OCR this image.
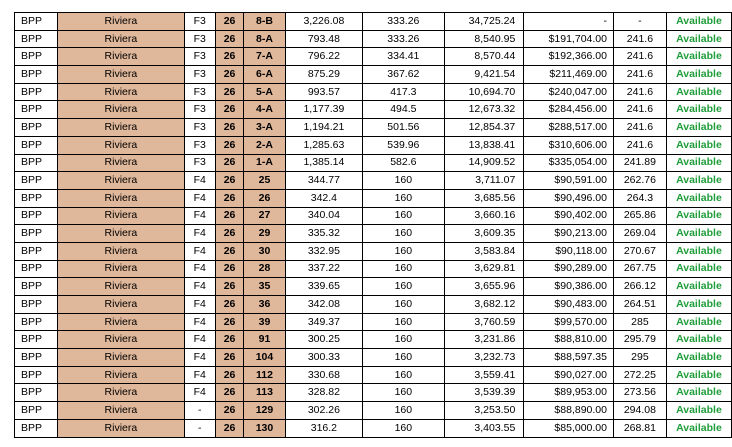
BPP	Riviera	F3	26	8-B	3,226.08	333.26	34,725.24	-	-	Available
BPP	Riviera	F3	26	8-A	793.48	333.26	8,540.95	$191,704.00	241.6	Available
BPP	Riviera	F3	26	7-A	796.22	334.41	8,570.44	$192,366.00	241.6	Available
BPP	Riviera	F3	26	6-A	875.29	367.62	9,421.54	$211,469.00	241.6	Available
BPP	Riviera	F3	26	5-A	993.57	417.3	10,694.70	$240,047.00	241.6	Available
BPP	Riviera	F3	26	4-A	1,177.39	494.5	12,673.32	$284,456.00	241.6	Available
BPP	Riviera	F3	26	3-A	1,194.21	501.56	12,854.37	$288,517.00	241.6	Available
BPP	Riviera	F3	26	2-A	1,285.63	539.96	13,838.41	$310,606.00	241.6	Available
BPP	Riviera	F3	26	1-A	1,385.14	582.6	14,909.52	$335,054.00	241.89	Available
BPP	Riviera	F4	26	25	344.77	160	3,711.07	$90,591.00	262.76	Available
BPP	Riviera	F4	26	26	342.4	160	3,685.56	$90,496.00	264.3	Available
BPP	Riviera	F4	26	27	340.04	160	3,660.16	$90,402.00	265.86	Available
BPP	Riviera	F4	26	29	335.32	160	3,609.35	$90,213.00	269.04	Available
BPP	Riviera	F4	26	30	332.95	160	3,583.84	$90,118.00	270.67	Available
BPP	Riviera	F4	26	28	337.22	160	3,629.81	$90,289.00	267.75	Available
BPP	Riviera	F4	26	35	339.65	160	3,655.96	$90,386.00	266.12	Available
BPP	Riviera	F4	26	36	342.08	160	3,682.12	$90,483.00	264.51	Available
BPP	Riviera	F4	26	39	349.37	160	3,760.59	$99,570.00	285	Available
BPP	Riviera	F4	26	91	300.25	160	3,231.86	$88,810.00	295.79	Available
BPP	Riviera	F4	26	104	300.33	160	3,232.73	$88,597.35	295	Available
BPP	Riviera	F4	26	112	330.68	160	3,559.41	$90,027.00	272.25	Available
BPP	Riviera	F4	26	113	328.82	160	3,539.39	$89,953.00	273.56	Available
BPP	Riviera	-	26	129	302.26	160	3,253.50	$88,890.00	294.08	Available
BPP	Riviera	-	26	130	316.2	160	3,403.55	$85,000.00	268.81	Available
